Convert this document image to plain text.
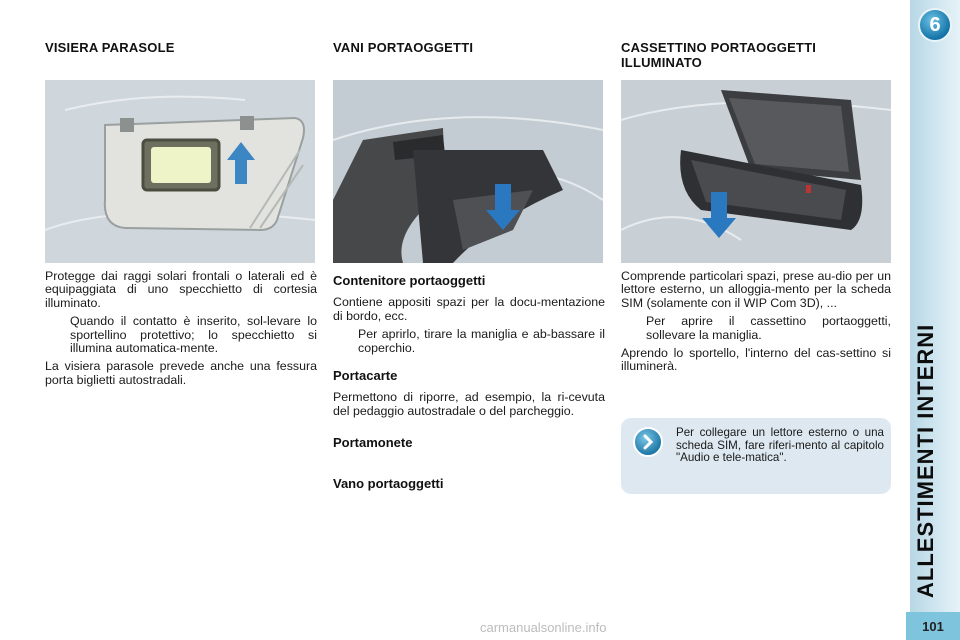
VISIERA PARASOLE

Protegge dai raggi solari frontali o laterali ed è equipaggiata di uno specchietto di cortesia illuminato.

Quando il contatto è inserito, sol-levare lo sportellino protettivo; lo specchietto si illumina automatica-mente.

La visiera parasole prevede anche una fessura porta biglietti autostradali.

VANI PORTAOGGETTI
Contenitore portaoggetti

Contiene appositi spazi per la docu-mentazione di bordo, ecc.

Per aprirlo, tirare la maniglia e ab-bassare il coperchio.
Portacarte

Permettono di riporre, ad esempio, la ri-cevuta del pedaggio autostradale o del parcheggio.

Portamonete
Vano portaoggetti
CASSETTINO PORTAOGGETTI ILLUMINATO

Comprende particolari spazi, prese au-dio per un lettore esterno, un alloggia-mento per la scheda SIM (solamente con il WIP Com 3D), ...

Per aprire il cassettino portaoggetti, sollevare la maniglia.

Aprendo lo sportello, l'interno del cas-settino si illuminerà.

Per collegare un lettore esterno o una scheda SIM, fare riferi-mento al capitolo "Audio e tele-matica".
6
ALLESTIMENTI INTERNI
101
carmanualsonline.info
